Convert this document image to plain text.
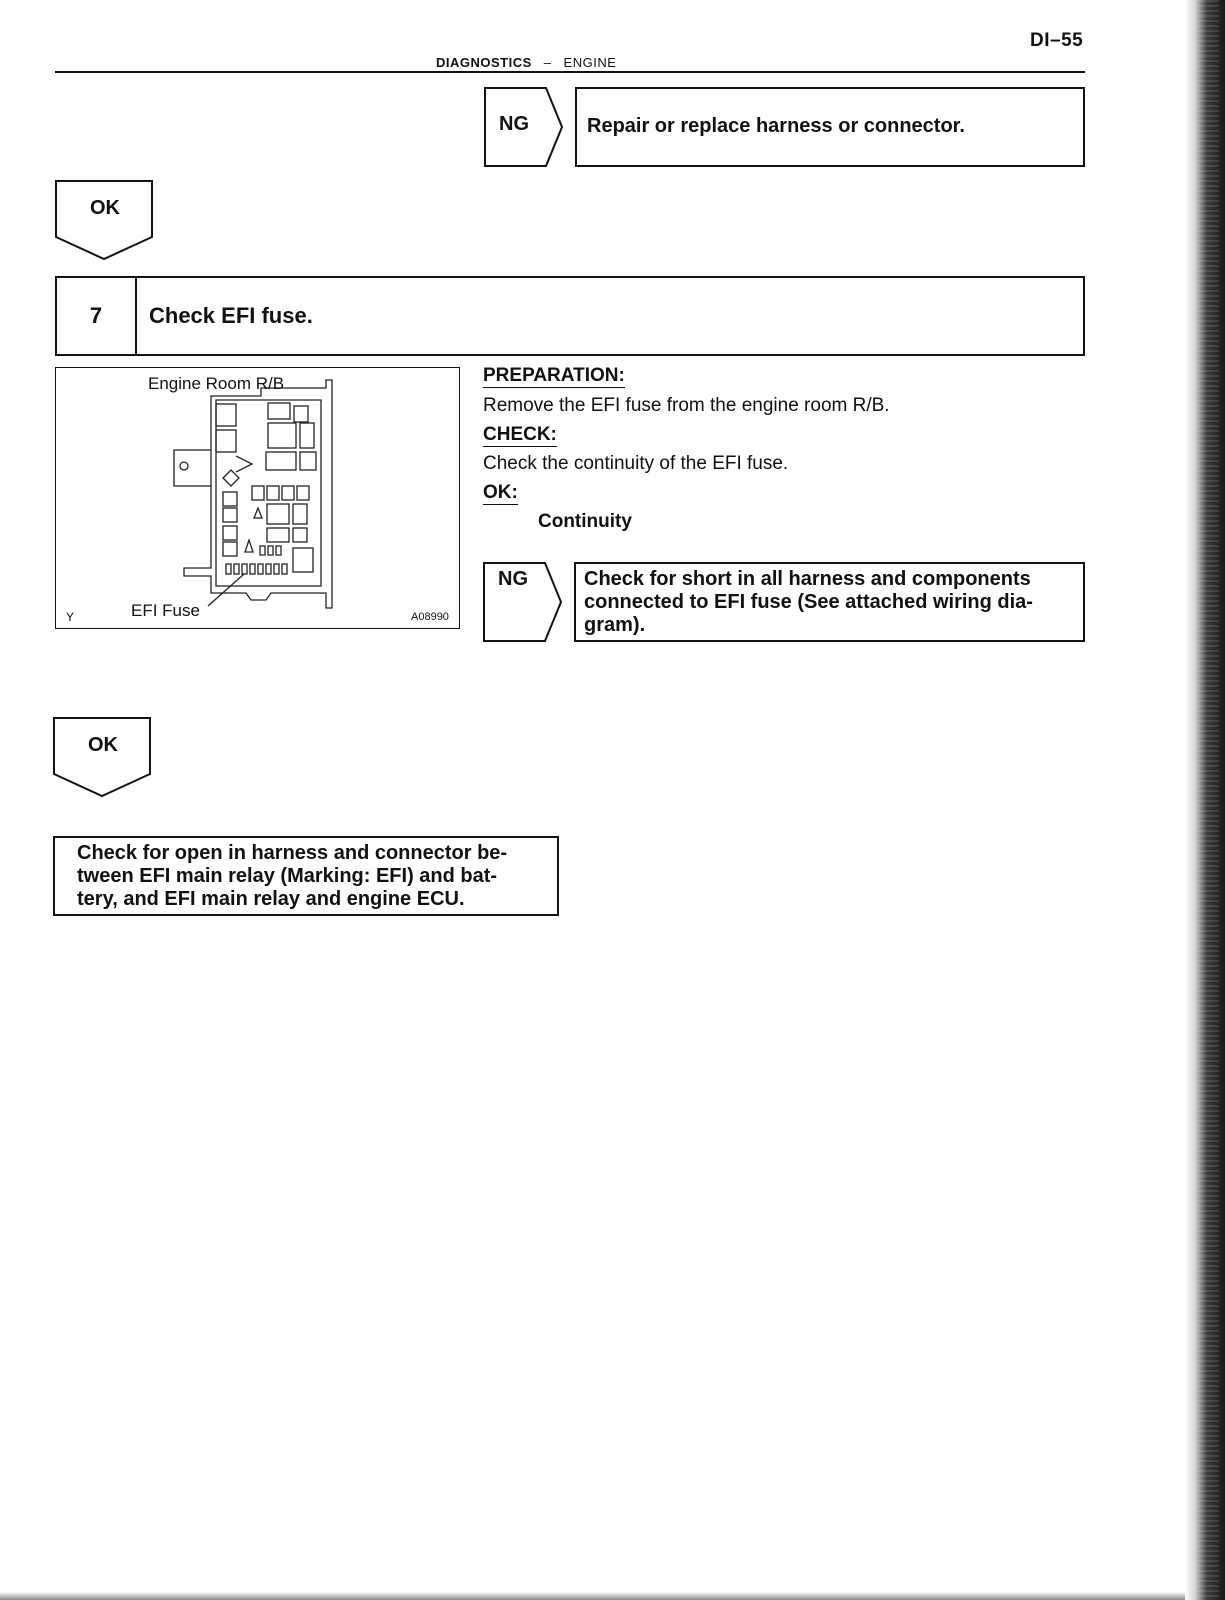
DI–55
DIAGNOSTICS – ENGINE
NG	Repair or replace harness or connector.
OK
7	Check EFI fuse.
Engine Room R/B
EFI Fuse
Y	A08990
PREPARATION:
Remove the EFI fuse from the engine room R/B.
CHECK:
Check the continuity of the EFI fuse.
OK:
Continuity
NG	Check for short in all harness and components
connected to EFI fuse (See attached wiring dia-
gram).
OK
Check for open in harness and connector be-
tween EFI main relay (Marking: EFI) and bat-
tery, and EFI main relay and engine ECU.
